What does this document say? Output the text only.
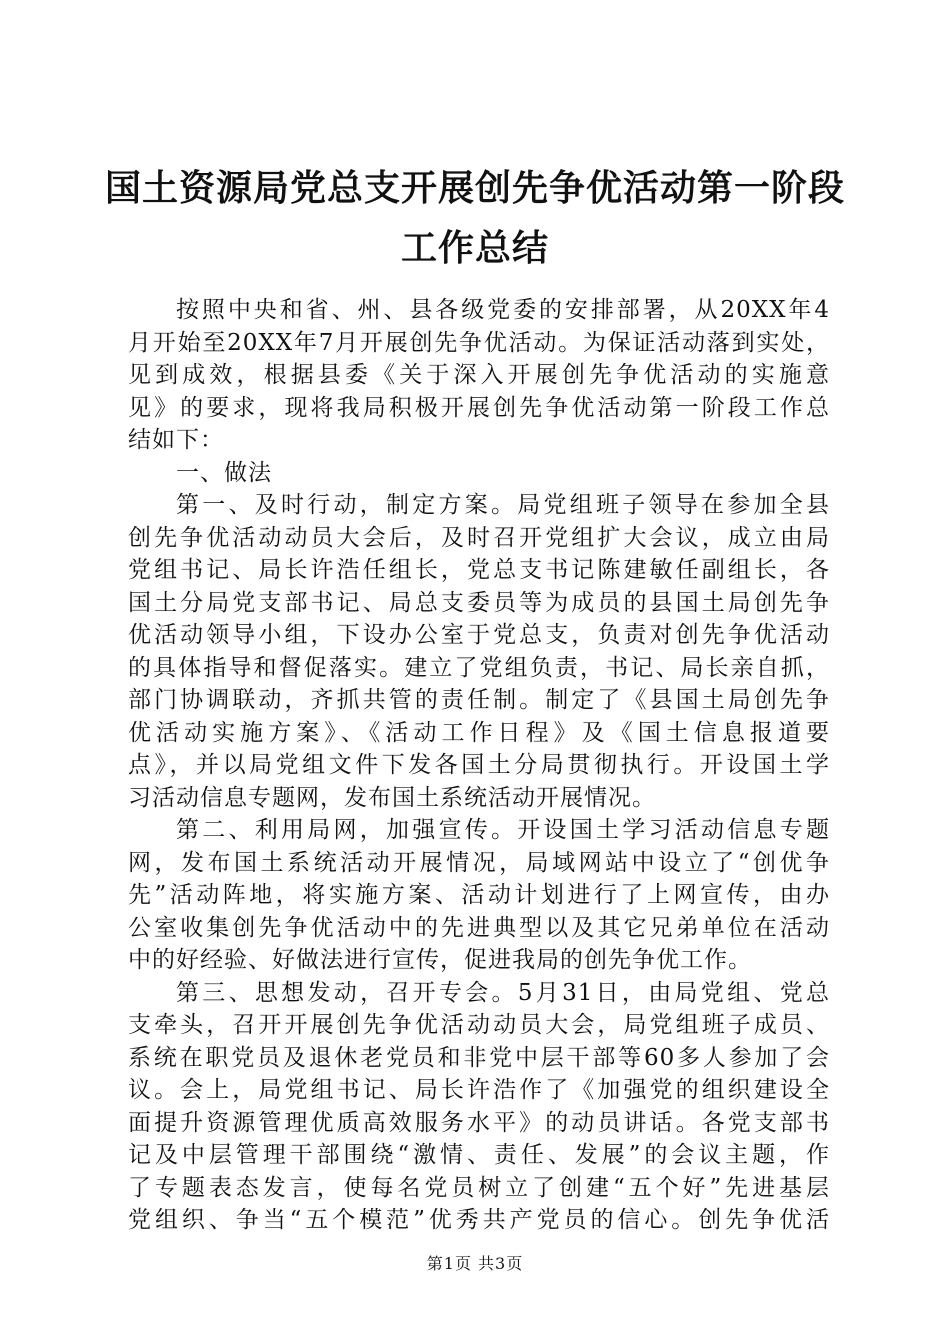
国土资源局党总支开展创先争优活动第一阶段
工作总结
按照中央和省、州、县各级党委的安排部署，从20XX年4
月开始至20XX年7月开展创先争优活动。为保证活动落到实处，
见到成效，根据县委《关于深入开展创先争优活动的实施意
见》的要求，现将我局积极开展创先争优活动第一阶段工作总
结如下：
一、做法
第一、及时行动，制定方案。局党组班子领导在参加全县
创先争优活动动员大会后，及时召开党组扩大会议，成立由局
党组书记、局长许浩任组长，党总支书记陈建敏任副组长，各
国土分局党支部书记、局总支委员等为成员的县国土局创先争
优活动领导小组，下设办公室于党总支，负责对创先争优活动
的具体指导和督促落实。建立了党组负责，书记、局长亲自抓，
部门协调联动，齐抓共管的责任制。制定了《县国土局创先争
优活动实施方案》、《活动工作日程》及《国土信息报道要
点》，并以局党组文件下发各国土分局贯彻执行。开设国土学
习活动信息专题网，发布国土系统活动开展情况。
第二、利用局网，加强宣传。开设国土学习活动信息专题
网，发布国土系统活动开展情况，局域网站中设立了“创优争
先”活动阵地，将实施方案、活动计划进行了上网宣传，由办
公室收集创先争优活动中的先进典型以及其它兄弟单位在活动
中的好经验、好做法进行宣传，促进我局的创先争优工作。
第三、思想发动，召开专会。5月31日，由局党组、党总
支牵头，召开开展创先争优活动动员大会，局党组班子成员、
系统在职党员及退休老党员和非党中层干部等60多人参加了会
议。会上，局党组书记、局长许浩作了《加强党的组织建设全
面提升资源管理优质高效服务水平》的动员讲话。各党支部书
记及中层管理干部围绕“激情、责任、发展”的会议主题，作
了专题表态发言，使每名党员树立了创建“五个好”先进基层
党组织、争当“五个模范”优秀共产党员的信心。创先争优活
第1页 共3页
